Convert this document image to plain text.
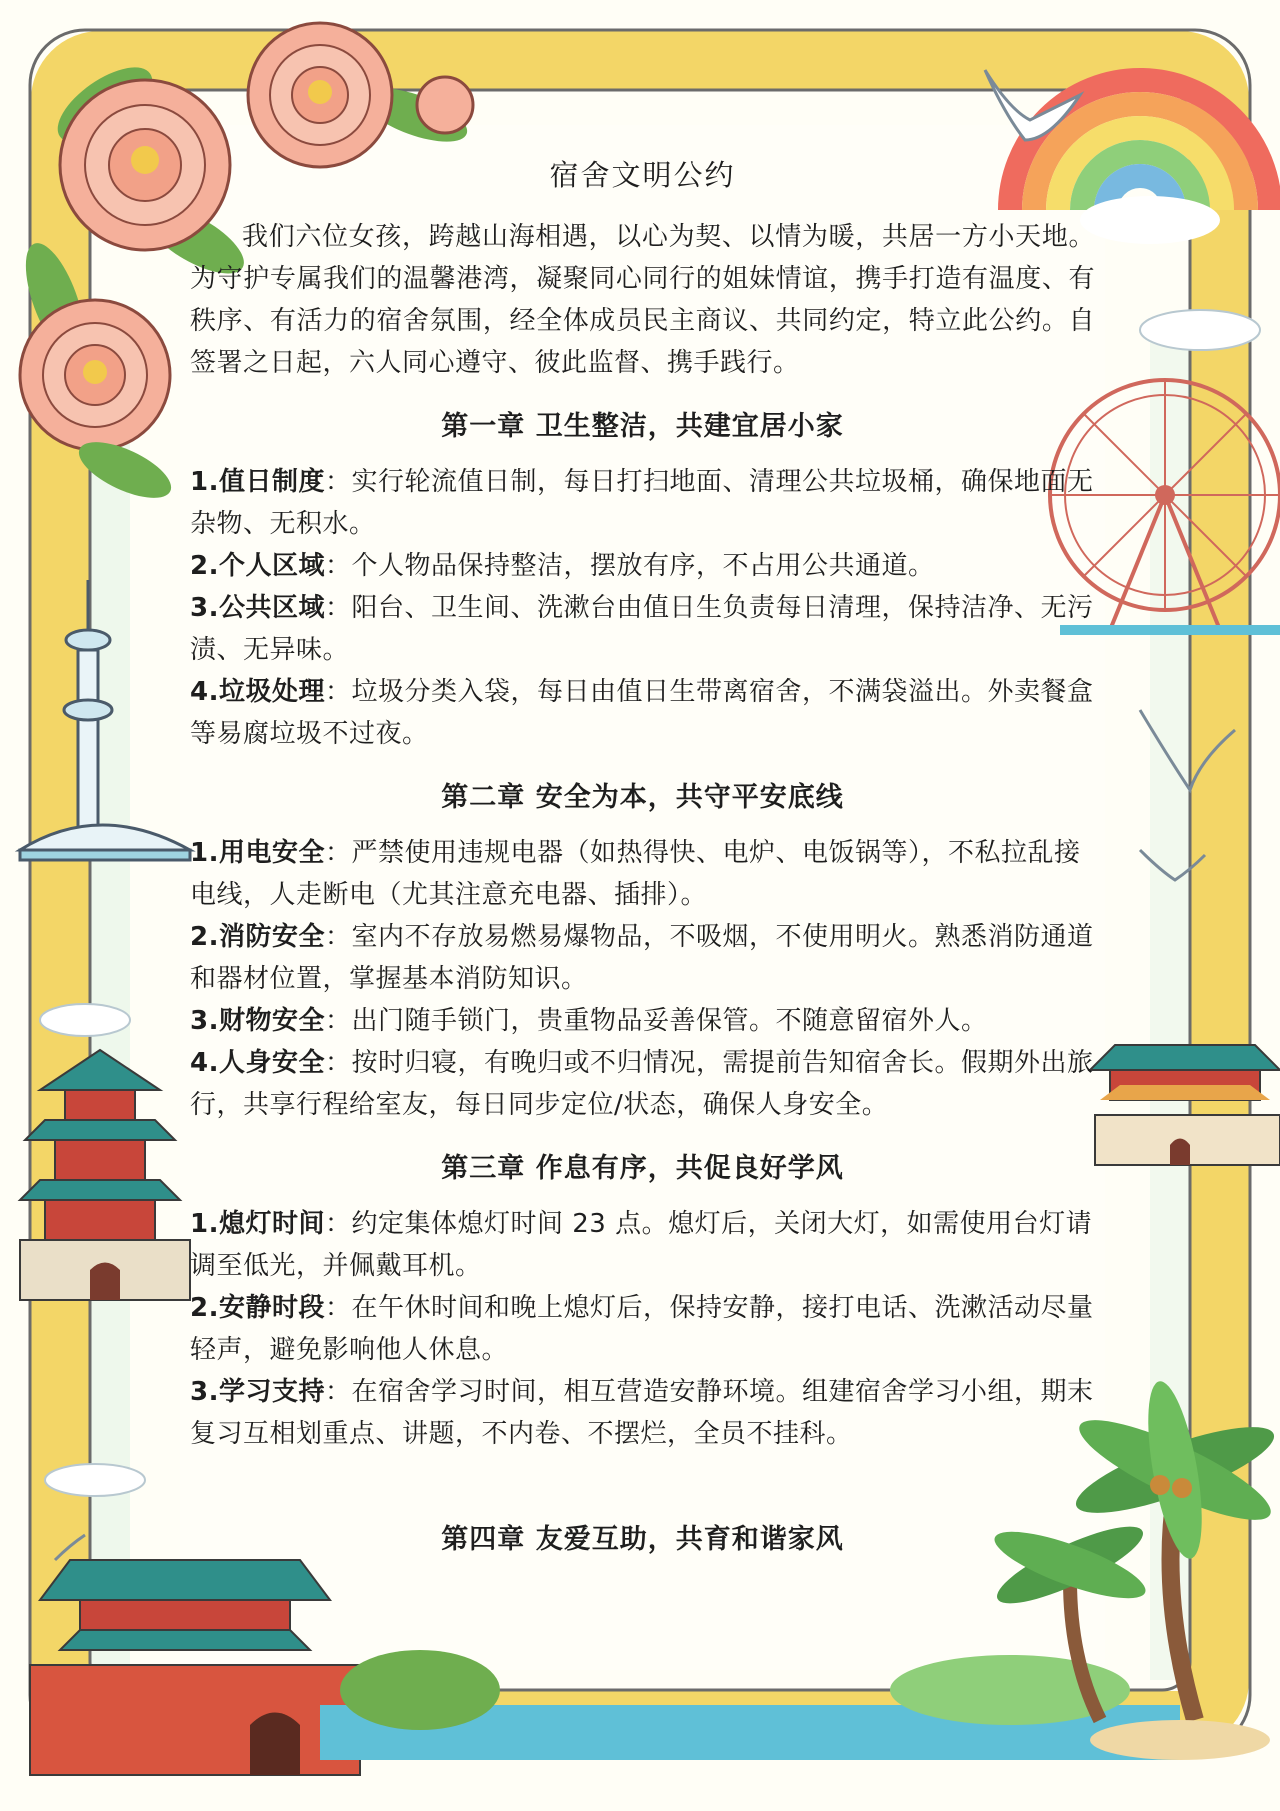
宿舍文明公约

我们六位女孩，跨越山海相遇，以心为契、以情为暖，共居一方小天地。为守护专属我们的温馨港湾，凝聚同心同行的姐妹情谊，携手打造有温度、有秩序、有活力的宿舍氛围，经全体成员民主商议、共同约定，特立此公约。自签署之日起，六人同心遵守、彼此监督、携手践行。

第一章 卫生整洁，共建宜居小家

1.值日制度：实行轮流值日制，每日打扫地面、清理公共垃圾桶，确保地面无杂物、无积水。

2.个人区域：个人物品保持整洁，摆放有序，不占用公共通道。

3.公共区域：阳台、卫生间、洗漱台由值日生负责每日清理，保持洁净、无污渍、无异味。

4.垃圾处理：垃圾分类入袋，每日由值日生带离宿舍，不满袋溢出。外卖餐盒等易腐垃圾不过夜。

第二章 安全为本，共守平安底线

1.用电安全：严禁使用违规电器（如热得快、电炉、电饭锅等），不私拉乱接电线，人走断电（尤其注意充电器、插排）。

2.消防安全：室内不存放易燃易爆物品，不吸烟，不使用明火。熟悉消防通道和器材位置，掌握基本消防知识。

3.财物安全：出门随手锁门，贵重物品妥善保管。不随意留宿外人。

4.人身安全：按时归寝，有晚归或不归情况，需提前告知宿舍长。假期外出旅行，共享行程给室友，每日同步定位/状态，确保人身安全。

第三章 作息有序，共促良好学风

1.熄灯时间：约定集体熄灯时间 23 点。熄灯后，关闭大灯，如需使用台灯请调至低光，并佩戴耳机。

2.安静时段：在午休时间和晚上熄灯后，保持安静，接打电话、洗漱活动尽量轻声，避免影响他人休息。

3.学习支持：在宿舍学习时间，相互营造安静环境。组建宿舍学习小组，期末复习互相划重点、讲题，不内卷、不摆烂，全员不挂科。

第四章 友爱互助，共育和谐家风
